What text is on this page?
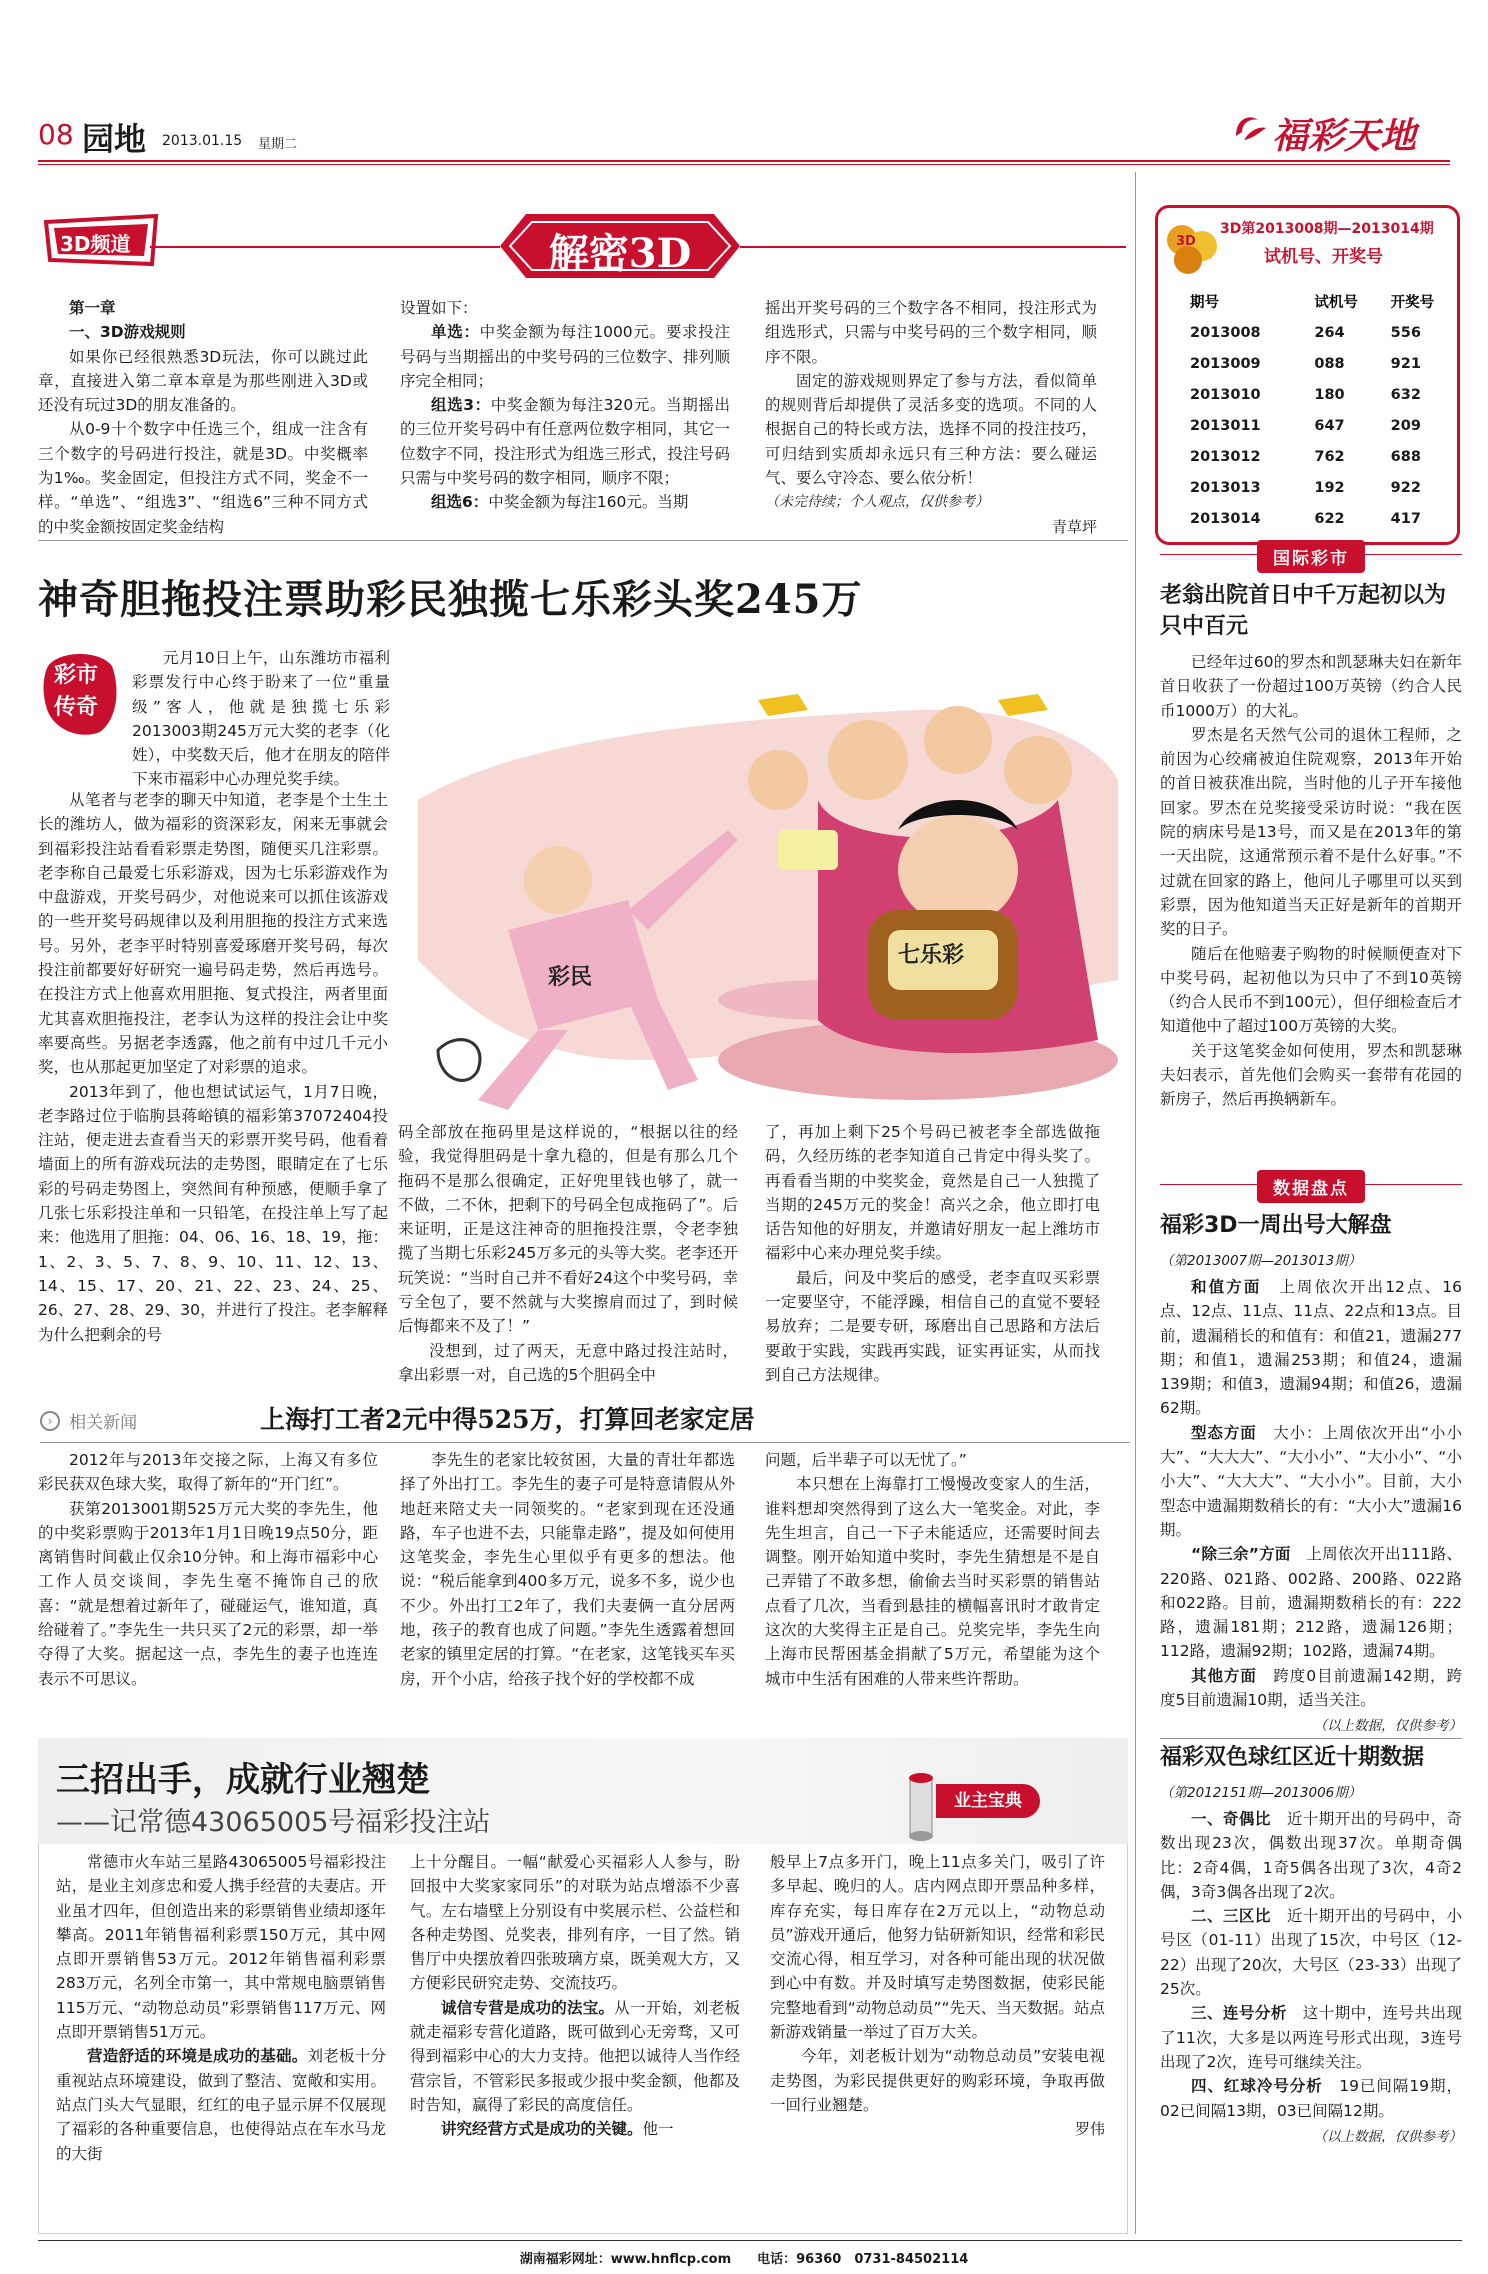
08 园地 2013.01.15 星期二	福彩天地
3D频道	解密3D

第一章

一、3D游戏规则

如果你已经很熟悉3D玩法，你可以跳过此章，直接进入第二章本章是为那些刚进入3D或还没有玩过3D的朋友准备的。

从0-9十个数字中任选三个，组成一注含有三个数字的号码进行投注，就是3D。中奖概率为1‰。奖金固定，但投注方式不同，奖金不一样。“单选”、“组选3”、“组选6”三种不同方式的中奖金额按固定奖金结构

设置如下：

单选：中奖金额为每注1000元。要求投注号码与当期摇出的中奖号码的三位数字、排列顺序完全相同；

组选3：中奖金额为每注320元。当期摇出的三位开奖号码中有任意两位数字相同，其它一位数字不同，投注形式为组选三形式，投注号码只需与中奖号码的数字相同，顺序不限；

组选6：中奖金额为每注160元。当期

摇出开奖号码的三个数字各不相同，投注形式为组选形式，只需与中奖号码的三个数字相同，顺序不限。

固定的游戏规则界定了参与方法，看似简单的规则背后却提供了灵活多变的选项。不同的人根据自己的特长或方法，选择不同的投注技巧，可归结到实质却永远只有三种方法：要么碰运气、要么守冷态、要么依分析！

（未完待续；个人观点，仅供参考）

青草坪

3D
3D第2013008期—2013014期
试机号、开奖号
期号	试机号	开奖号
2013008	264	556
2013009	088	921
2013010	180	632
2013011	647	209
2013012	762	688
2013013	192	922
2013014	622	417
神奇胆拖投注票助彩民独揽七乐彩头奖245万
彩市
传奇
元月10日上午，山东潍坊市福利彩票发行中心终于盼来了一位“重量级”客人，他就是独揽七乐彩2013003期245万元大奖的老李（化姓），中奖数天后，他才在朋友的陪伴下来市福彩中心办理兑奖手续。

从笔者与老李的聊天中知道，老李是个土生土长的潍坊人，做为福彩的资深彩友，闲来无事就会到福彩投注站看看彩票走势图，随便买几注彩票。老李称自己最爱七乐彩游戏，因为七乐彩游戏作为中盘游戏，开奖号码少，对他说来可以抓住该游戏的一些开奖号码规律以及利用胆拖的投注方式来选号。另外，老李平时特别喜爱琢磨开奖号码，每次投注前都要好好研究一遍号码走势，然后再选号。在投注方式上他喜欢用胆拖、复式投注，两者里面尤其喜欢胆拖投注，老李认为这样的投注会让中奖率要高些。另据老李透露，他之前有中过几千元小奖，也从那起更加坚定了对彩票的追求。

2013年到了，他也想试试运气，1月7日晚，老李路过位于临朐县蒋峪镇的福彩第37072404投注站，便走进去查看当天的彩票开奖号码，他看着墙面上的所有游戏玩法的走势图，眼睛定在了七乐彩的号码走势图上，突然间有种预感，便顺手拿了几张七乐彩投注单和一只铅笔，在投注单上写了起来：他选用了胆拖：04、06、16、18、19，拖：1、2、3、5、7、8、9、10、11、12、13、14、15、17、20、21、22、23、24、25、26、27、28、29、30，并进行了投注。老李解释为什么把剩余的号

七乐彩
彩民

码全部放在拖码里是这样说的，“根据以往的经验，我觉得胆码是十拿九稳的，但是有那么几个拖码不是那么很确定，正好兜里钱也够了，就一不做，二不休，把剩下的号码全包成拖码了”。后来证明，正是这注神奇的胆拖投注票，令老李独揽了当期七乐彩245万多元的头等大奖。老李还开玩笑说：“当时自己并不看好24这个中奖号码，幸亏全包了，要不然就与大奖擦肩而过了，到时候后悔都来不及了！”

没想到，过了两天，无意中路过投注站时，拿出彩票一对，自己选的5个胆码全中

了，再加上剩下25个号码已被老李全部选做拖码，久经历练的老李知道自己肯定中得头奖了。再看看当期的中奖奖金，竟然是自己一人独揽了当期的245万元的奖金！高兴之余，他立即打电话告知他的好朋友，并邀请好朋友一起上潍坊市福彩中心来办理兑奖手续。

最后，问及中奖后的感受，老李直叹买彩票一定要坚守，不能浮躁，相信自己的直觉不要轻易放弃；二是要专研，琢磨出自己思路和方法后要敢于实践，实践再实践，证实再证实，从而找到自己方法规律。

› 相关新闻	上海打工者2元中得525万，打算回老家定居

2012年与2013年交接之际，上海又有多位彩民获双色球大奖，取得了新年的“开门红”。

获第2013001期525万元大奖的李先生，他的中奖彩票购于2013年1月1日晚19点50分，距离销售时间截止仅余10分钟。和上海市福彩中心工作人员交谈间，李先生毫不掩饰自己的欣喜：“就是想着过新年了，碰碰运气，谁知道，真给碰着了。”李先生一共只买了2元的彩票，却一举夺得了大奖。据起这一点，李先生的妻子也连连表示不可思议。

李先生的老家比较贫困，大量的青壮年都选择了外出打工。李先生的妻子可是特意请假从外地赶来陪丈夫一同领奖的。“老家到现在还没通路，车子也进不去，只能靠走路”，提及如何使用这笔奖金，李先生心里似乎有更多的想法。他说：“税后能拿到400多万元，说多不多，说少也不少。外出打工2年了，我们夫妻俩一直分居两地，孩子的教育也成了问题。”李先生透露着想回老家的镇里定居的打算。“在老家，这笔钱买车买房，开个小店，给孩子找个好的学校都不成

问题，后半辈子可以无忧了。”

本只想在上海靠打工慢慢改变家人的生活，谁料想却突然得到了这么大一笔奖金。对此，李先生坦言，自己一下子未能适应，还需要时间去调整。刚开始知道中奖时，李先生猜想是不是自己弄错了不敢多想，偷偷去当时买彩票的销售站点看了几次，当看到悬挂的横幅喜讯时才敢肯定这次的大奖得主正是自己。兑奖完毕，李先生向上海市民帮困基金捐献了5万元，希望能为这个城市中生活有困难的人带来些许帮助。

三招出手，成就行业翘楚
——记常德43065005号福彩投注站
业主宝典

常德市火车站三星路43065005号福彩投注站，是业主刘彦忠和爱人携手经营的夫妻店。开业虽才四年，但创造出来的彩票销售业绩却逐年攀高。2011年销售福利彩票150万元，其中网点即开票销售53万元。2012年销售福利彩票283万元，名列全市第一，其中常规电脑票销售115万元、“动物总动员”彩票销售117万元、网点即开票销售51万元。

营造舒适的环境是成功的基础。刘老板十分重视站点环境建设，做到了整洁、宽敞和实用。站点门头大气显眼，红红的电子显示屏不仅展现了福彩的各种重要信息，也使得站点在车水马龙的大街

上十分醒目。一幅“献爱心买福彩人人参与，盼回报中大奖家家同乐”的对联为站点增添不少喜气。左右墙壁上分别设有中奖展示栏、公益栏和各种走势图、兑奖表，排列有序，一目了然。销售厅中央摆放着四张玻璃方桌，既美观大方，又方便彩民研究走势、交流技巧。

诚信专营是成功的法宝。从一开始，刘老板就走福彩专营化道路，既可做到心无旁骛，又可得到福彩中心的大力支持。他把以诚待人当作经营宗旨，不管彩民多报或少报中奖金额，他都及时告知，赢得了彩民的高度信任。

讲究经营方式是成功的关键。他一

般早上7点多开门，晚上11点多关门，吸引了许多早起、晚归的人。店内网点即开票品种多样，库存充实，每日库存在2万元以上，“动物总动员”游戏开通后，他努力钻研新知识，经常和彩民交流心得，相互学习，对各种可能出现的状况做到心中有数。并及时填写走势图数据，使彩民能完整地看到“动物总动员”“先天、当天数据。站点新游戏销量一举过了百万大关。

今年，刘老板计划为“动物总动员”安装电视走势图，为彩民提供更好的购彩环境，争取再做一回行业翘楚。

罗伟

国际彩市
老翁出院首日中千万起初以为只中百元

已经年过60的罗杰和凯瑟琳夫妇在新年首日收获了一份超过100万英镑（约合人民币1000万）的大礼。

罗杰是名天然气公司的退休工程师，之前因为心绞痛被迫住院观察，2013年开始的首日被获准出院，当时他的儿子开车接他回家。罗杰在兑奖接受采访时说：“我在医院的病床号是13号，而又是在2013年的第一天出院，这通常预示着不是什么好事。”不过就在回家的路上，他问儿子哪里可以买到彩票，因为他知道当天正好是新年的首期开奖的日子。

随后在他赔妻子购物的时候顺便查对下中奖号码，起初他以为只中了不到10英镑（约合人民币不到100元），但仔细检查后才知道他中了超过100万英镑的大奖。

关于这笔奖金如何使用，罗杰和凯瑟琳夫妇表示，首先他们会购买一套带有花园的新房子，然后再换辆新车。

数据盘点
福彩3D一周出号大解盘
（第2013007期—2013013期）

和值方面　 上周依次开出12点、16点、12点、11点、11点、22点和13点。目前，遗漏稍长的和值有：和值21，遗漏277期；和值1，遗漏253期；和值24，遗漏139期；和值3，遗漏94期；和值26，遗漏62期。

型态方面　 大小：上周依次开出“小小大”、“大大大”、“大小小”、“大小小”、“小小大”、“大大大”、“大小小”。目前，大小型态中遗漏期数稍长的有：“大小大”遗漏16期。

“除三余”方面　 上周依次开出111路、220路、021路、002路、200路、022路和022路。目前，遗漏期数稍长的有：222路，遗漏181期；212路，遗漏126期；112路，遗漏92期；102路，遗漏74期。

其他方面　 跨度0目前遗漏142期，跨度5目前遗漏10期，适当关注。

（以上数据，仅供参考）
福彩双色球红区近十期数据
（第2012151期—2013006期）

一、奇偶比　 近十期开出的号码中，奇数出现23次，偶数出现37次。单期奇偶比：2奇4偶，1奇5偶各出现了3次，4奇2偶，3奇3偶各出现了2次。

二、三区比　 近十期开出的号码中，小号区（01-11）出现了15次，中号区（12-22）出现了20次，大号区（23-33）出现了25次。

三、连号分析　 这十期中，连号共出现了11次，大多是以两连号形式出现，3连号出现了2次，连号可继续关注。

四、红球冷号分析　 19已间隔19期，02已间隔13期，03已间隔12期。

（以上数据，仅供参考）
湖南福彩网址：www.hnflcp.com　　电话：96360　0731-84502114
